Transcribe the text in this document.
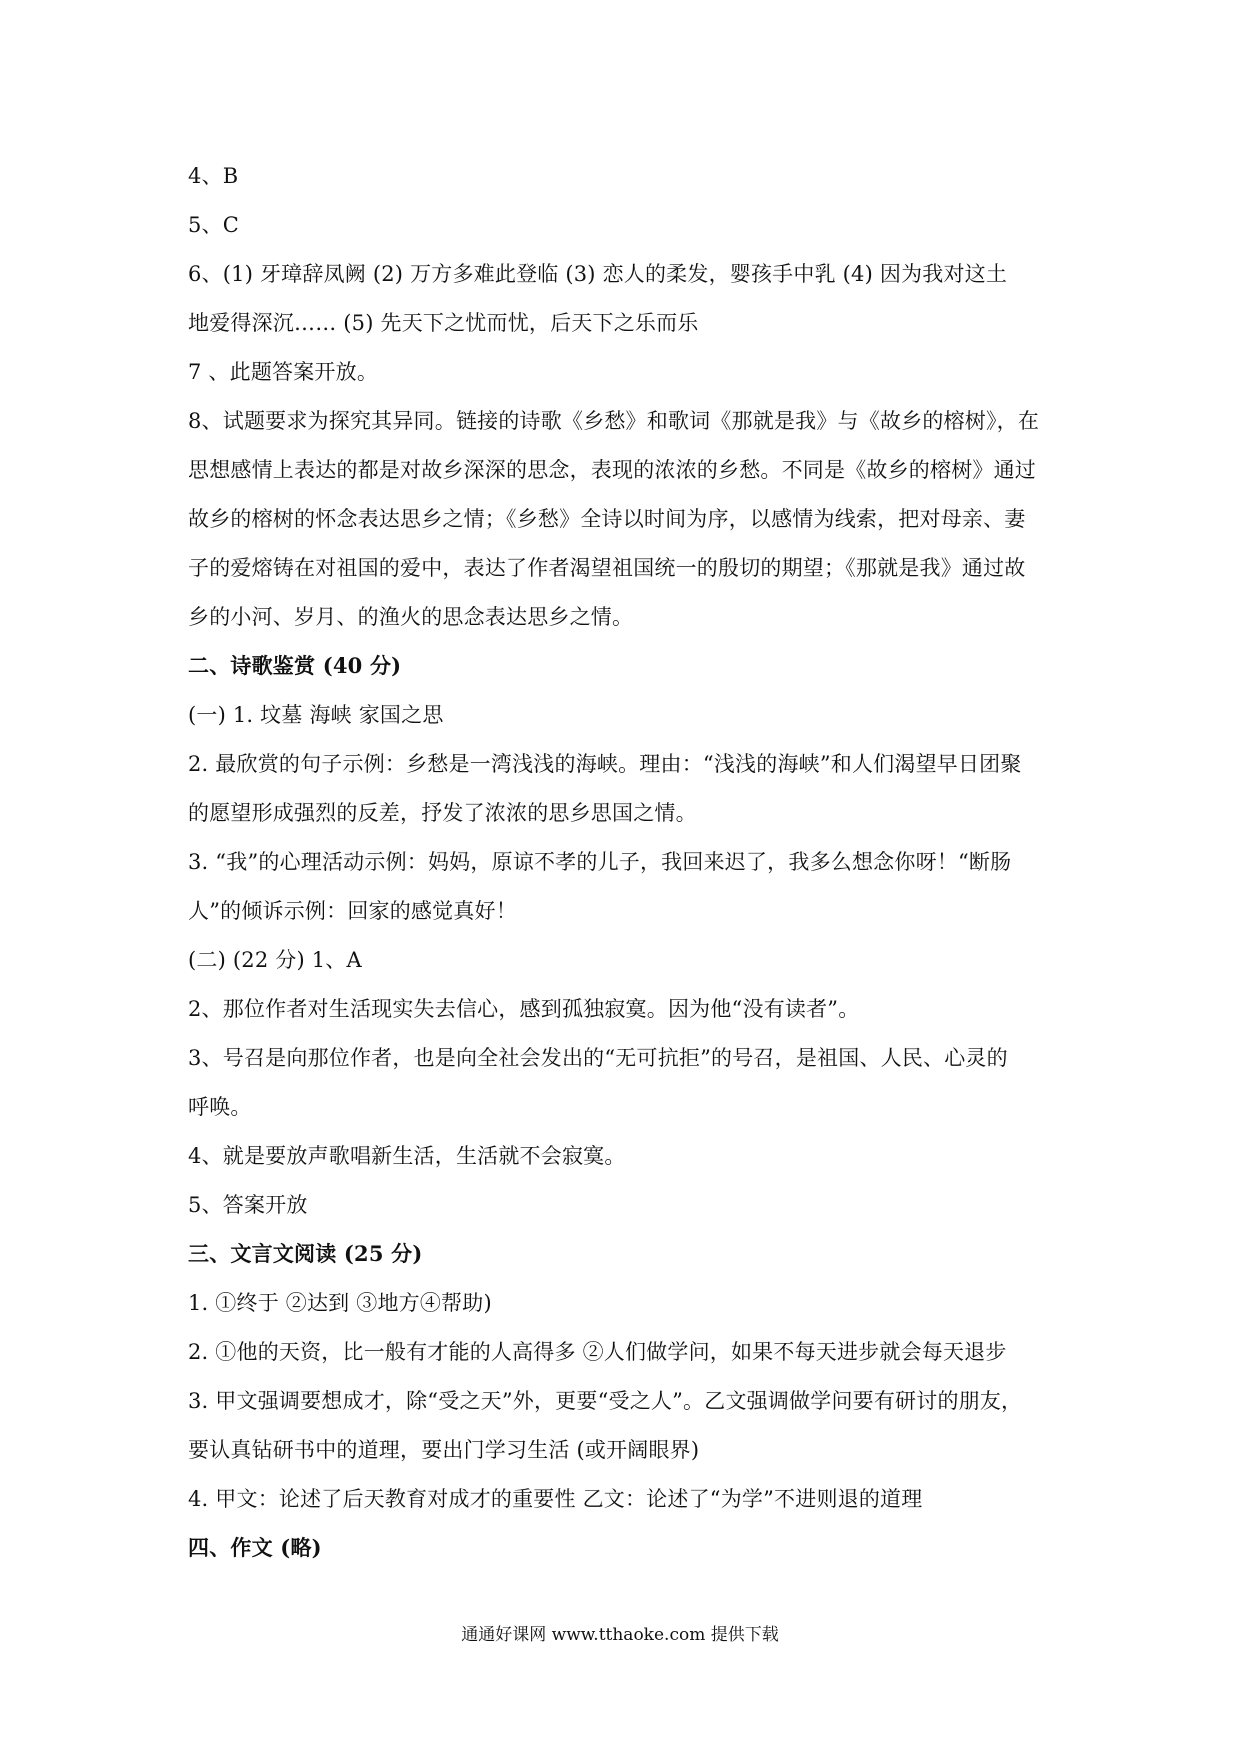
4、B
5、C
6、(1) 牙璋辞凤阙 (2) 万方多难此登临 (3) 恋人的柔发，婴孩手中乳 (4) 因为我对这土
地爱得深沉…… (5) 先天下之忧而忧，后天下之乐而乐
7 、此题答案开放。
8、试题要求为探究其异同。链接的诗歌《乡愁》和歌词《那就是我》与《故乡的榕树》，在
思想感情上表达的都是对故乡深深的思念，表现的浓浓的乡愁。不同是《故乡的榕树》通过
故乡的榕树的怀念表达思乡之情；《乡愁》全诗以时间为序，以感情为线索，把对母亲、妻
子的爱熔铸在对祖国的爱中，表达了作者渴望祖国统一的殷切的期望；《那就是我》通过故
乡的小河、岁月、的渔火的思念表达思乡之情。
二、诗歌鉴赏 (40 分)
(一) 1. 坟墓 海峡 家国之思
2. 最欣赏的句子示例：乡愁是一湾浅浅的海峡。理由：“浅浅的海峡”和人们渴望早日团聚
的愿望形成强烈的反差，抒发了浓浓的思乡思国之情。
3. “我”的心理活动示例：妈妈，原谅不孝的儿子，我回来迟了，我多么想念你呀！“断肠
人”的倾诉示例：回家的感觉真好！
(二) (22 分) 1、A
2、那位作者对生活现实失去信心，感到孤独寂寞。因为他“没有读者”。
3、号召是向那位作者，也是向全社会发出的“无可抗拒”的号召，是祖国、人民、心灵的
呼唤。
4、就是要放声歌唱新生活，生活就不会寂寞。
5、答案开放
三、文言文阅读 (25 分)
1. ①终于 ②达到 ③地方④帮助)
2. ①他的天资，比一般有才能的人高得多 ②人们做学问，如果不每天进步就会每天退步
3. 甲文强调要想成才，除“受之天”外，更要“受之人”。乙文强调做学问要有研讨的朋友，
要认真钻研书中的道理，要出门学习生活 (或开阔眼界)
4. 甲文：论述了后天教育对成才的重要性 乙文：论述了“为学”不进则退的道理
四、作文 (略)
通通好课网 www.tthaoke.com 提供下载
